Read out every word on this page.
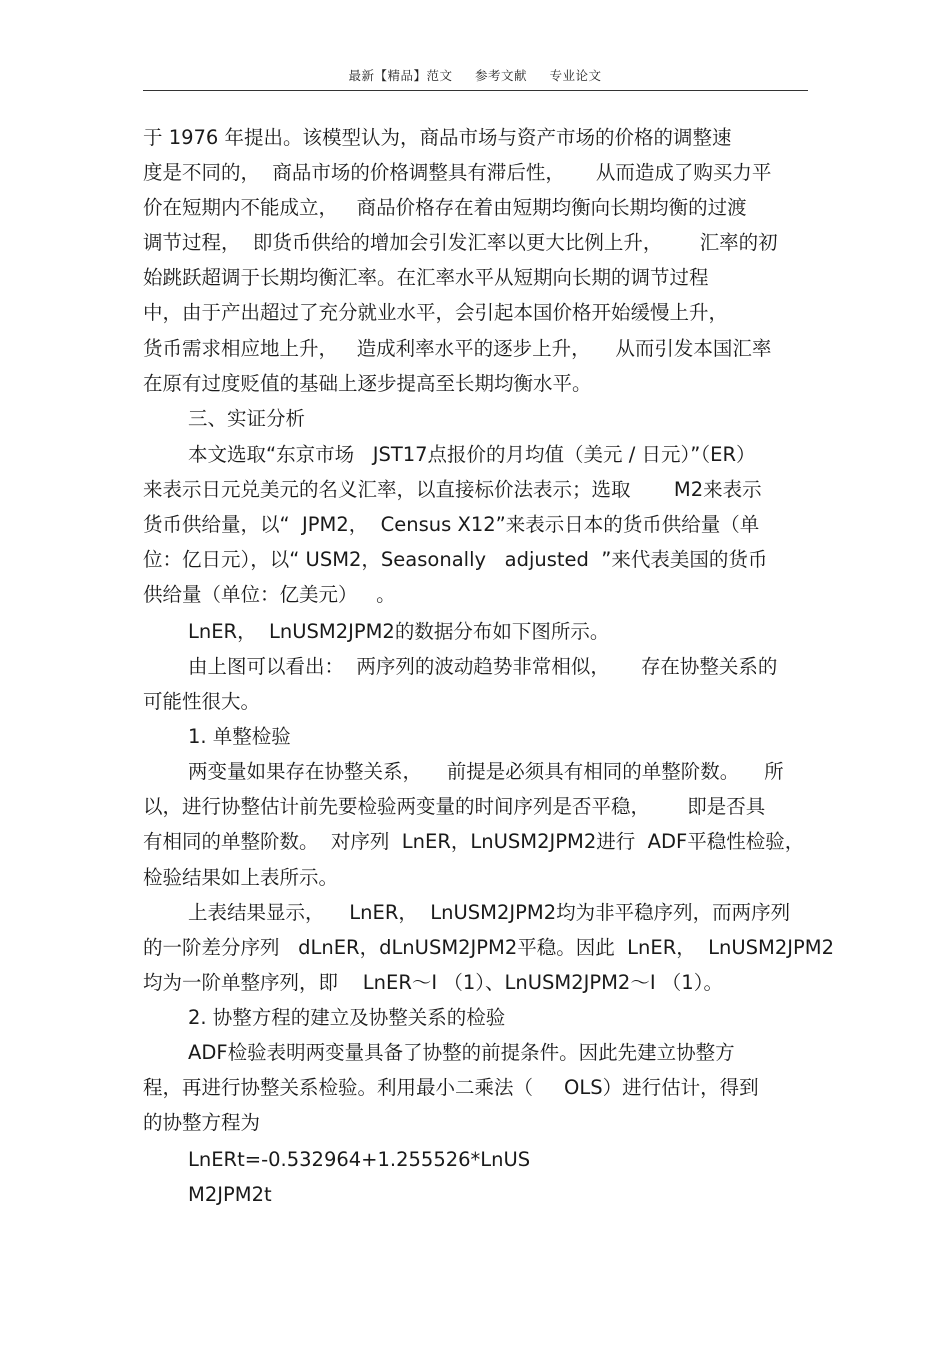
最新【精品】范文 参考文献 专业论文
于 1976 年提出。该模型认为，商品市场与资产市场的价格的调整速
度是不同的，  商品市场的价格调整具有滞后性，     从而造成了购买力平
价在短期内不能成立，   商品价格存在着由短期均衡向长期均衡的过渡
调节过程，  即货币供给的增加会引发汇率以更大比例上升，      汇率的初
始跳跃超调于长期均衡汇率。在汇率水平从短期向长期的调节过程
中，由于产出超过了充分就业水平，会引起本国价格开始缓慢上升，
货币需求相应地上升，   造成利率水平的逐步上升，    从而引发本国汇率
在原有过度贬值的基础上逐步提高至长期均衡水平。
三、实证分析
本文选取“东京市场   JST17点报价的月均值（美元 / 日元）”（ER）
来表示日元兑美元的名义汇率，以直接标价法表示；选取       M2来表示
货币供给量，以“  JPM2，  Census X12”来表示日本的货币供给量（单
位：亿日元），以“ USM2，Seasonally   adjusted  ”来代表美国的货币
供给量（单位：亿美元）   。
LnER，  LnUSM2JPM2的数据分布如下图所示。
由上图可以看出：  两序列的波动趋势非常相似，     存在协整关系的
可能性很大。
1. 单整检验
两变量如果存在协整关系，    前提是必须具有相同的单整阶数。    所
以，进行协整估计前先要检验两变量的时间序列是否平稳，      即是否具
有相同的单整阶数。  对序列  LnER，LnUSM2JPM2进行  ADF平稳性检验，
检验结果如上表所示。
上表结果显示，    LnER，  LnUSM2JPM2均为非平稳序列，而两序列
的一阶差分序列   dLnER，dLnUSM2JPM2平稳。因此  LnER，  LnUSM2JPM2
均为一阶单整序列，即    LnER～I （1）、LnUSM2JPM2～I （1）。
2. 协整方程的建立及协整关系的检验
ADF检验表明两变量具备了协整的前提条件。因此先建立协整方
程，再进行协整关系检验。利用最小二乘法（     OLS）进行估计，得到
的协整方程为
LnERt=-0.532964+1.255526*LnUS
M2JPM2t
